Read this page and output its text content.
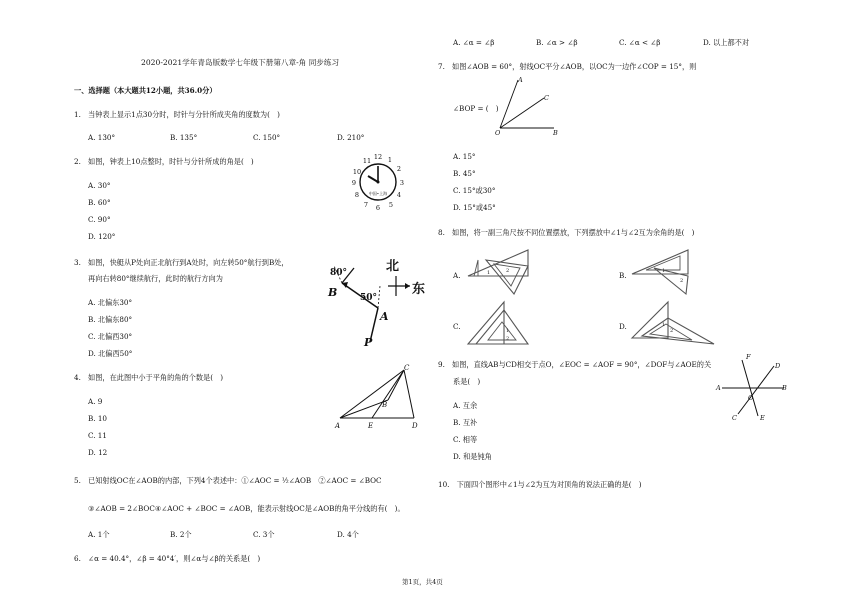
2020-2021学年青岛版数学七年级下册第八章-角 同步练习
一、选择题（本大题共12小题，共36.0分）
1.　当钟表上显示1点30分时，时针与分针所成夹角的度数为(　)
A. 130°	B. 135°	C. 150°	D. 210°
2.　如图，钟表上10点整时，时针与分针所成的角是(　)
A. 30°
B. 60°
C. 90°
D. 120°
12 1
2
3
4
5
6
7
8
9
10
11
中国•上海
3.　如图，快艇从P处向正北航行到A处时，向左转50°航行到B处，
再向右转80°继续航行，此时的航行方向为
A. 北偏东30°
B. 北偏东80°
C. 北偏西30°
D. 北偏西50°
北
东
80°
50°
B
A
P
4.　如图，在此图中小于平角的角的个数是(　)
A. 9
B. 10
C. 11
D. 12
A	E
B
D
C
5.　已知射线OC在∠AOB的内部，下列4个表述中：①∠AOC = ½∠AOB　②∠AOC = ∠BOC
③∠AOB = 2∠BOC④∠AOC + ∠BOC = ∠AOB，能表示射线OC是∠AOB的角平分线的有(　)。
A. 1个	B. 2个	C. 3个	D. 4个
6.　∠α = 40.4°，∠β = 40°4′，则∠α与∠β的关系是(　)
A. ∠α = ∠β	B. ∠α > ∠β	C. ∠α < ∠β	D. 以上都不对
7.　如图∠AOB = 60°，射线OC平分∠AOB，以OC为一边作∠COP = 15°，则
∠BOP = (　)
A
C
O	B
A. 15°
B. 45°
C. 15°或30°
D. 15°或45°
8.　如图，将一副三角尺按不同位置摆放，下列摆放中∠1与∠2互为余角的是(　)
A.	1	2	B.	1
2
C.	1
2
D.	1
2
9.　如图，直线AB与CD相交于点O，∠EOC = ∠AOF = 90°，∠DOF与∠AOE的关
系是(　)
A. 互余
B. 互补
C. 相等
D. 和是钝角
F
D
A	B
O
C	E
10.　下面四个图形中∠1与∠2为互为对顶角的说法正确的是(　)
第1页，共4页
